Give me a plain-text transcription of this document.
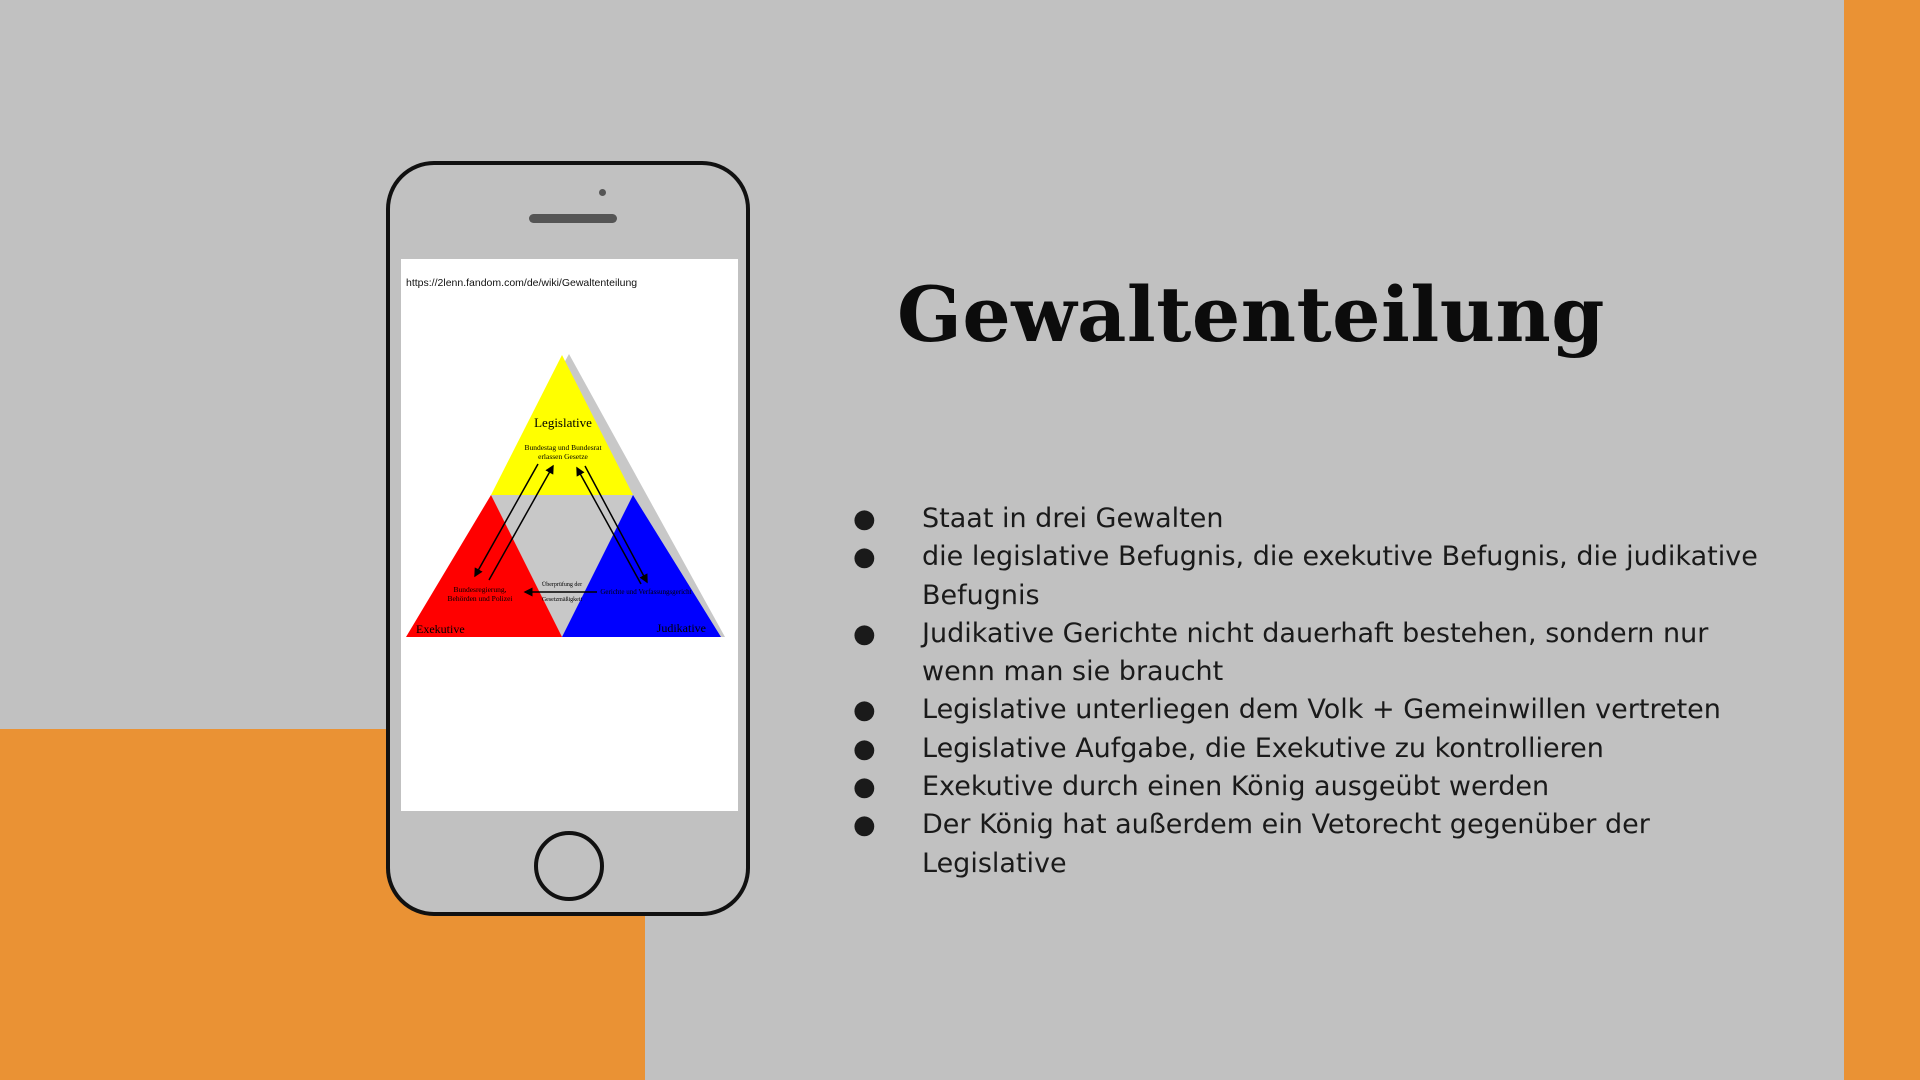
https://2lenn.fandom.com/de/wiki/Gewaltenteilung
Legislative
Bundestag und Bundesrat
erlassen Gesetze
Bundesregierung,
Behörden und Polizei
Exekutive
Gerichte und Verfassungsgericht
Judikative
Überprüfung der
Gesetzmäßigkeit
Gewaltenteilung
● Staat in drei Gewalten
● die legislative Befugnis, die exekutive Befugnis, die judikative
Befugnis
● Judikative Gerichte nicht dauerhaft bestehen, sondern nur
wenn man sie braucht
● Legislative unterliegen dem Volk + Gemeinwillen vertreten
● Legislative Aufgabe, die Exekutive zu kontrollieren
● Exekutive durch einen König ausgeübt werden
● Der König hat außerdem ein Vetorecht gegenüber der
Legislative
